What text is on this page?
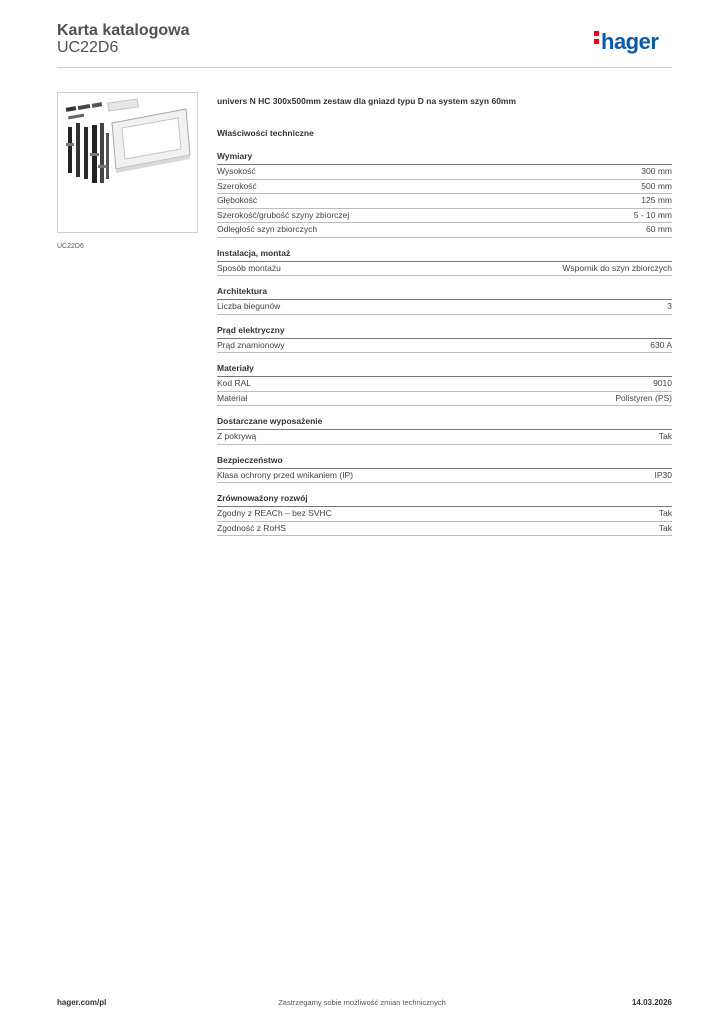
Karta katalogowa
UC22D6	hager
UC22D6
univers N HC 300x500mm zestaw dla gniazd typu D na system szyn 60mm
Właściwości techniczne
Wymiary
Wysokość	300 mm
Szerokość	500 mm
Głębokość	125 mm
Szerokość/grubość szyny zbiorczej	5 - 10 mm
Odległość szyn zbiorczych	60 mm
Instalacja, montaż
Sposób montażu	Wspornik do szyn zbiorczych
Architektura
Liczba biegunów	3
Prąd elektryczny
Prąd znamionowy	630 A
Materiały
Kod RAL	9010
Materiał	Polistyren (PS)
Dostarczane wyposażenie
Z pokrywą	Tak
Bezpieczeństwo
Klasa ochrony przed wnikaniem (IP)	IP30
Zrównoważony rozwój
Zgodny z REACh – bez SVHC	Tak
Zgodność z RoHS	Tak
hager.com/pl	Zastrzegamy sobie możliwość zmian technicznych	14.03.2026
